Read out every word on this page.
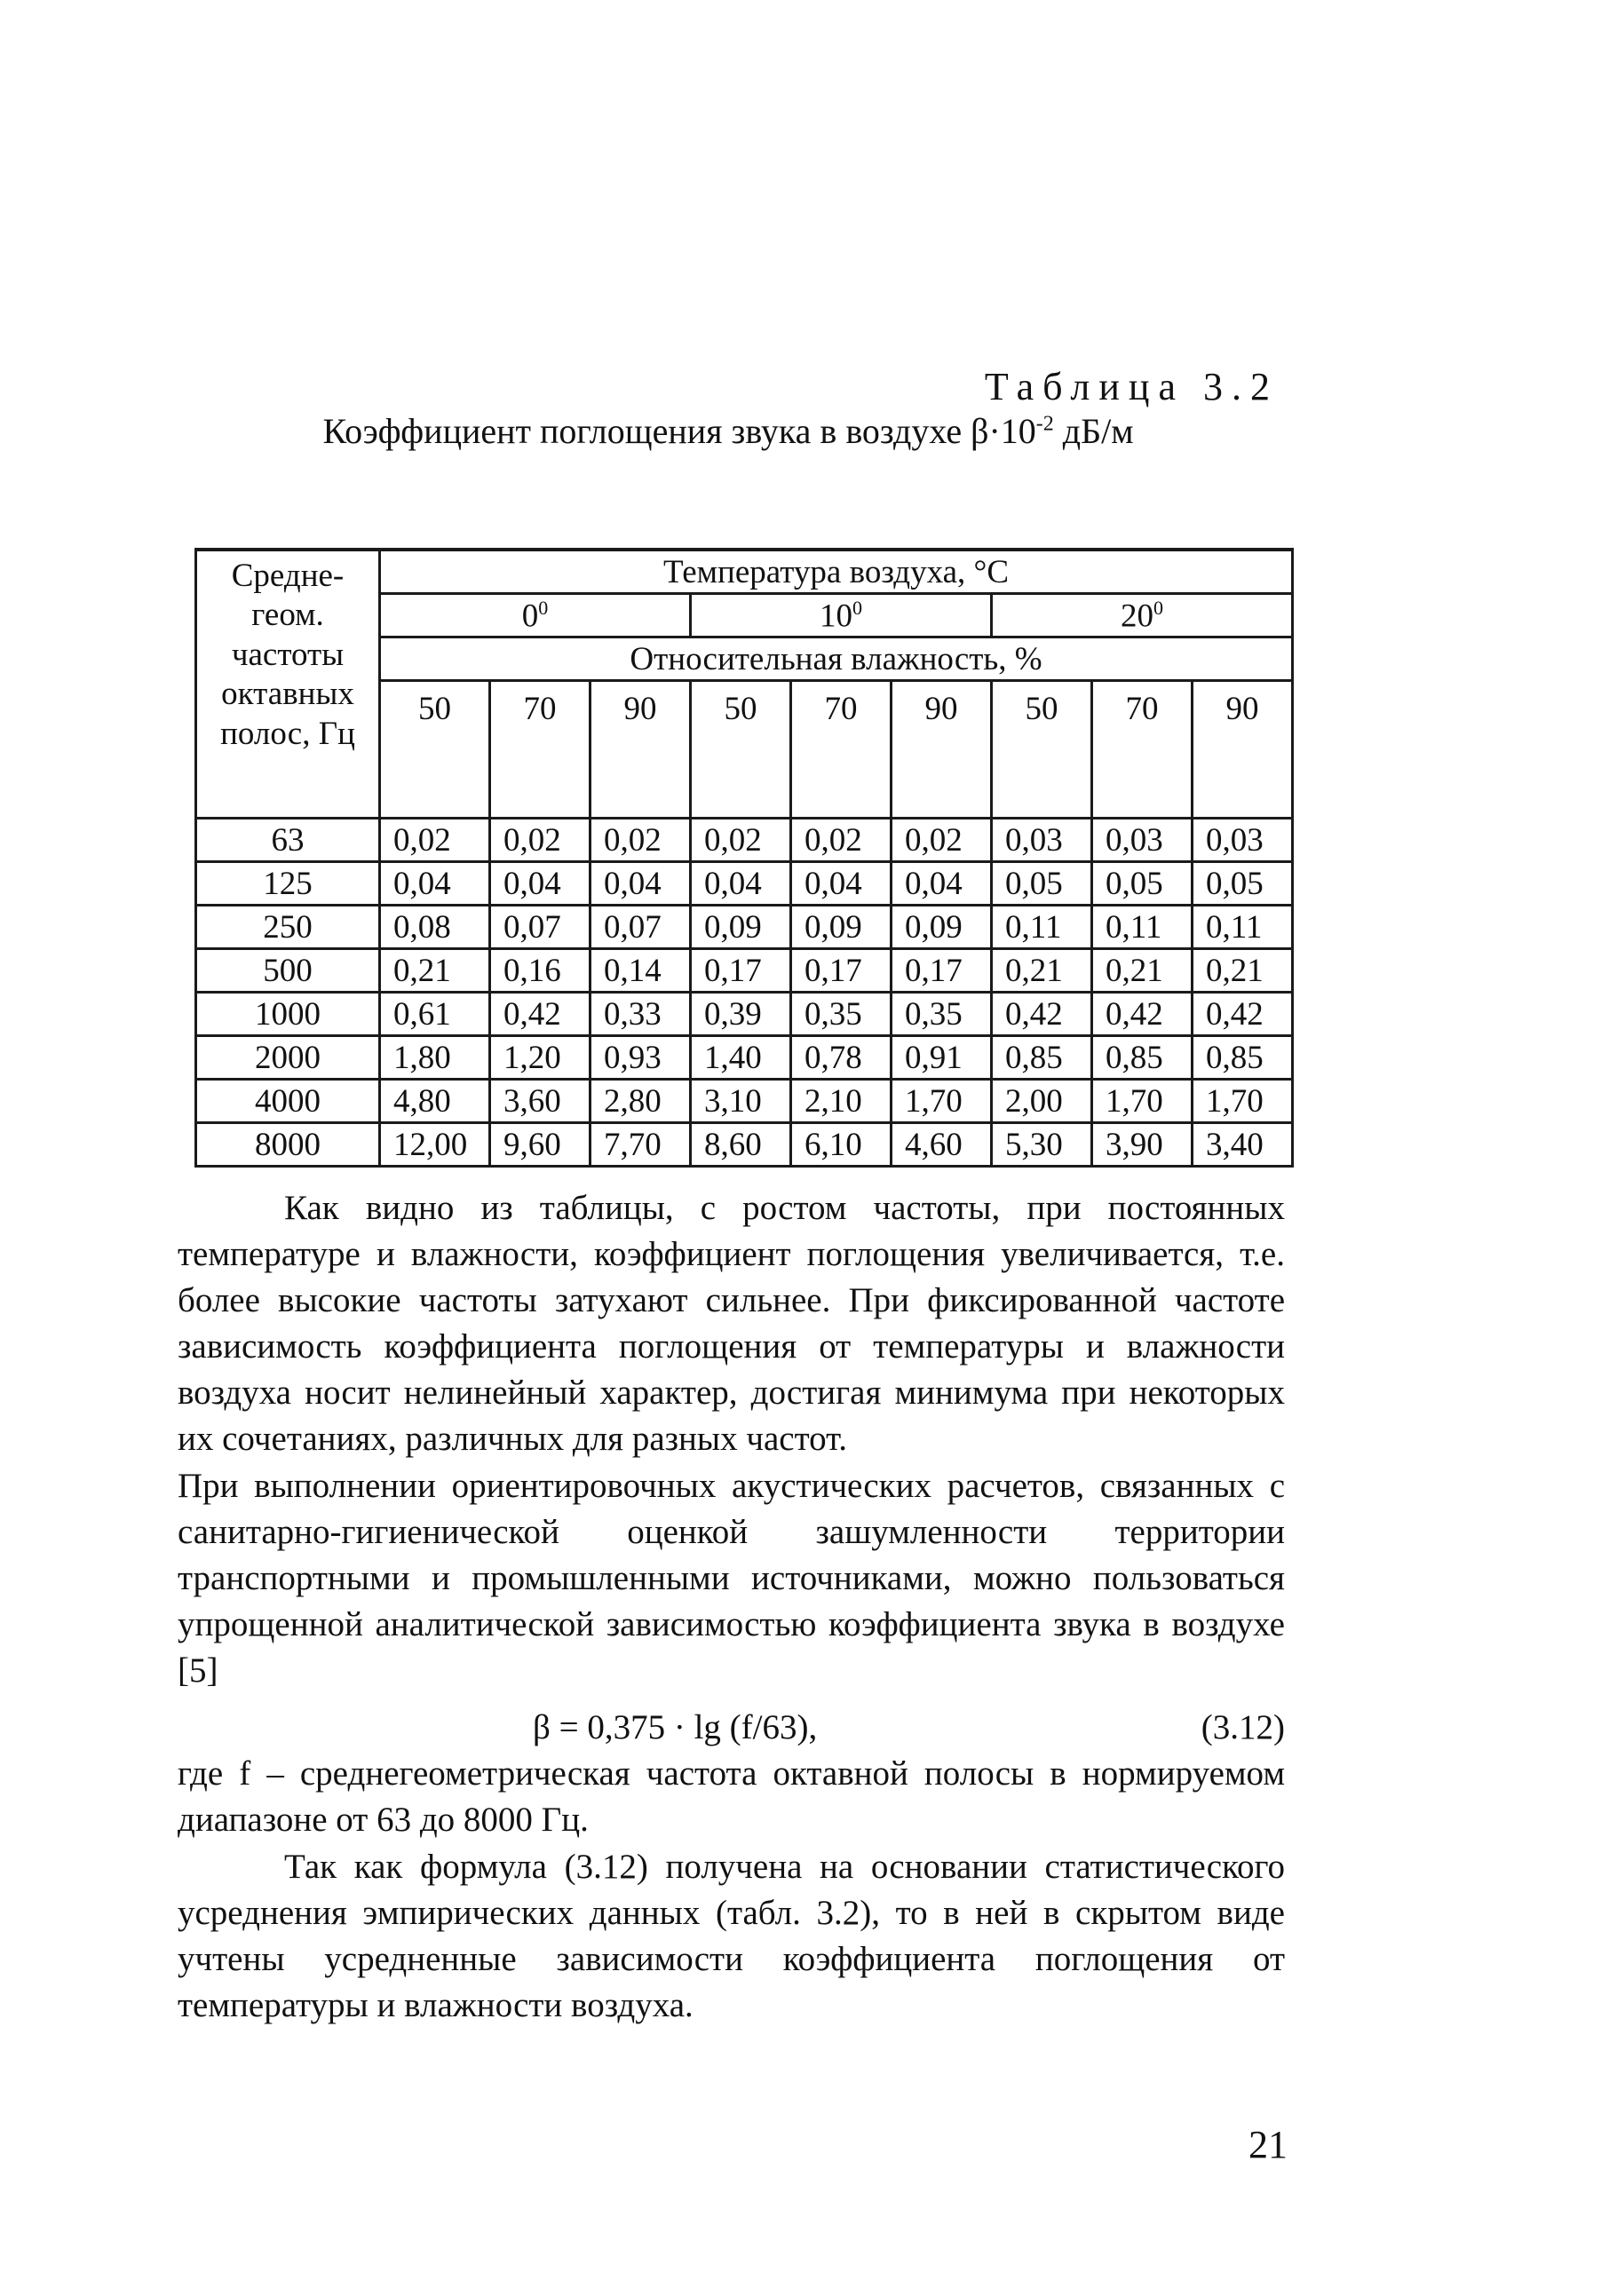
Таблица 3.2
Коэффициент поглощения звука в воздухе $\beta\cdot 10^{-2}$ дБ/м
Средне-геом. частоты октавных полос, Гц	Температура воздуха, °C								
	$0^0$			$10^0$			$20^0$
	Относительная влажность, %								
	50	70	90	50	70	90	50	70	90
63	0,02	0,02	0,02	0,02	0,02	0,02	0,03	0,03	0,03
125	0,04	0,04	0,04	0,04	0,04	0,04	0,05	0,05	0,05
250	0,08	0,07	0,07	0,09	0,09	0,09	0,11	0,11	0,11
500	0,21	0,16	0,14	0,17	0,17	0,17	0,21	0,21	0,21
1000	0,61	0,42	0,33	0,39	0,35	0,35	0,42	0,42	0,42
2000	1,80	1,20	0,93	1,40	0,78	0,91	0,85	0,85	0,85
4000	4,80	3,60	2,80	3,10	2,10	1,70	2,00	1,70	1,70
8000	12,00	9,60	7,70	8,60	6,10	4,60	5,30	3,90	3,40
Как видно из таблицы, с ростом частоты, при постоянных температуре и влажности, коэффициент поглощения увеличивается, т.е. более высокие частоты затухают сильнее. При фиксированной частоте зависимость коэффициента поглощения от температуры и влажности воздуха носит нелинейный характер, достигая минимума при некоторых их сочетаниях, различных для разных частот.
При выполнении ориентировочных акустических расчетов, связанных с санитарно-гигиенической оценкой зашумленности территории транспортными и промышленными источниками, можно пользоваться упрощенной аналитической зависимостью коэффициента звука в воздухе [5]
β = 0,375 · lg (f/63),	(3.12)
где f – среднегеометрическая частота октавной полосы в нормируемом диапазоне от 63 до 8000 Гц.
Так как формула (3.12) получена на основании статистического усреднения эмпирических данных (табл. 3.2), то в ней в скрытом виде учтены усредненные зависимости коэффициента поглощения от температуры и влажности воздуха.
21
